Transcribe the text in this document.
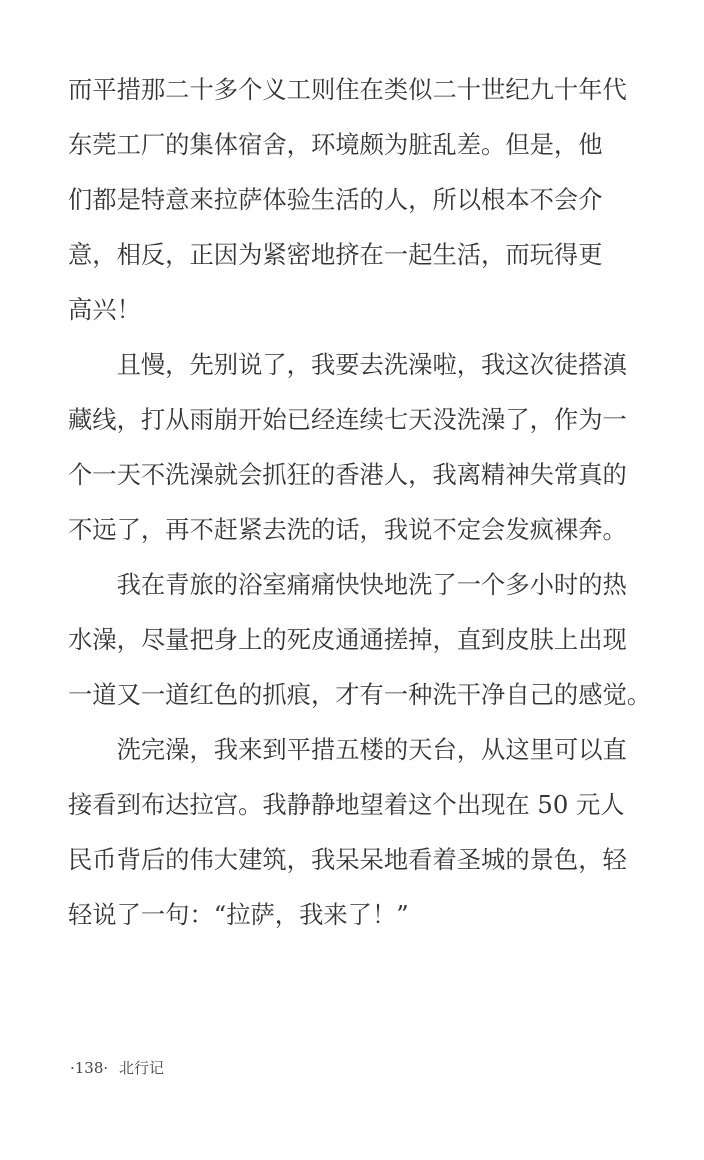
而平措那二十多个义工则住在类似二十世纪九十年代
东莞工厂的集体宿舍，环境颇为脏乱差。但是，他
们都是特意来拉萨体验生活的人，所以根本不会介
意，相反，正因为紧密地挤在一起生活，而玩得更
高兴！
　　且慢，先别说了，我要去洗澡啦，我这次徒搭滇
藏线，打从雨崩开始已经连续七天没洗澡了，作为一
个一天不洗澡就会抓狂的香港人，我离精神失常真的
不远了，再不赶紧去洗的话，我说不定会发疯裸奔。
　　我在青旅的浴室痛痛快快地洗了一个多小时的热
水澡，尽量把身上的死皮通通搓掉，直到皮肤上出现
一道又一道红色的抓痕，才有一种洗干净自己的感觉。
　　洗完澡，我来到平措五楼的天台，从这里可以直
接看到布达拉宫。我静静地望着这个出现在 50 元人
民币背后的伟大建筑，我呆呆地看着圣城的景色，轻
轻说了一句：“拉萨，我来了！”
·138· 北行记
